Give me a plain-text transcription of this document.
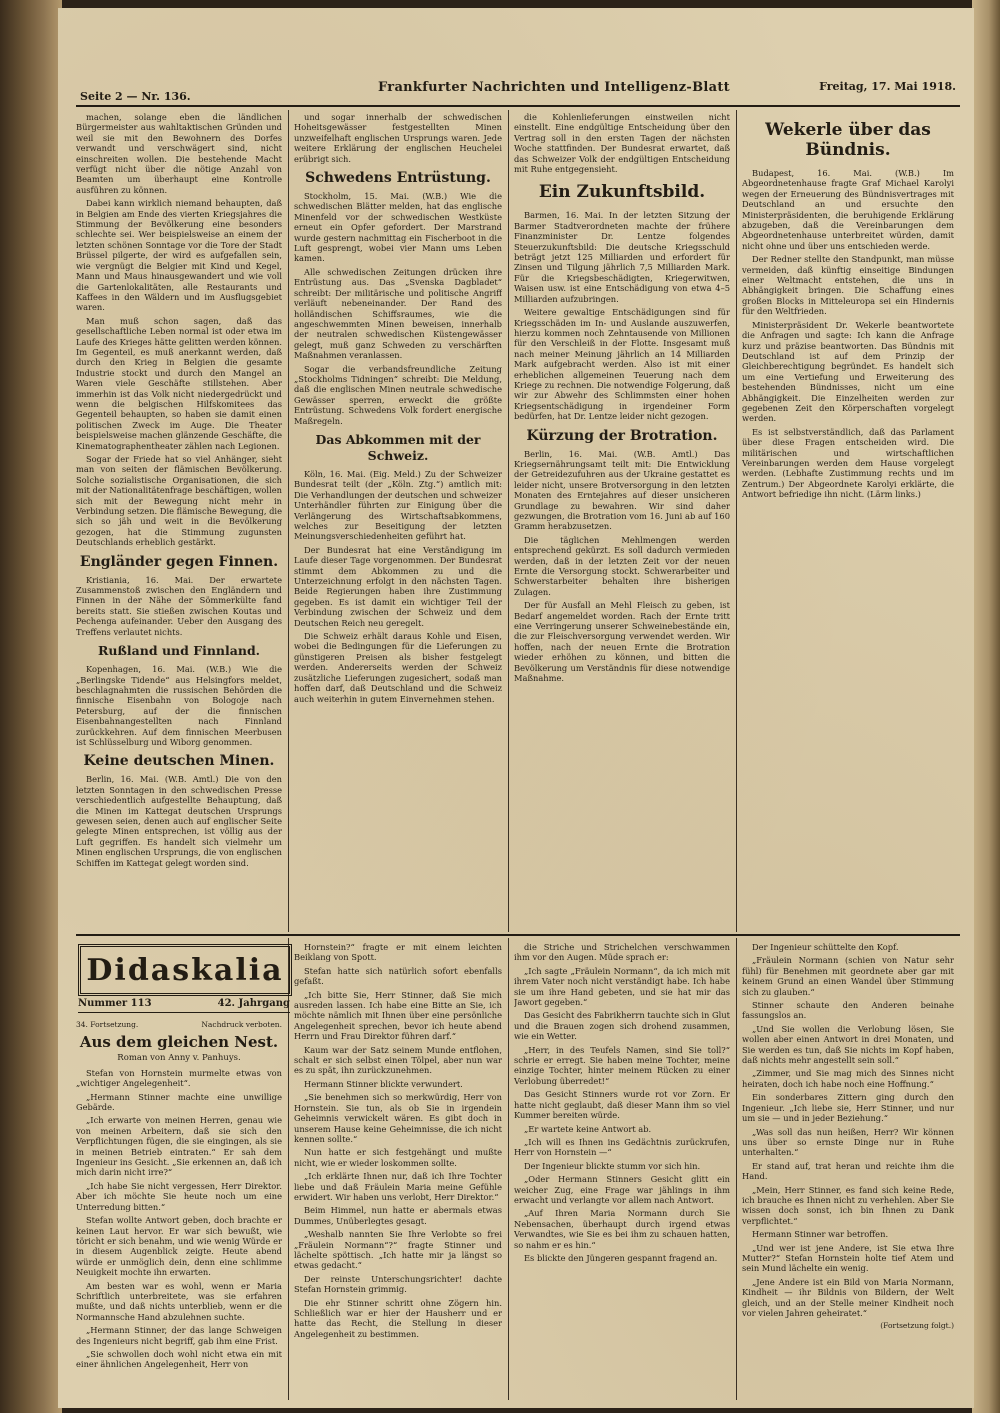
Seite 2 — Nr. 136.
Frankfurter Nachrichten und Intelligenz-Blatt	Freitag, 17. Mai 1918.

machen, solange eben die ländlichen Bürgermeister aus wahltaktischen Gründen und weil sie mit den Bewohnern des Dorfes verwandt und verschwägert sind, nicht einschreiten wollen. Die bestehende Macht verfügt nicht über die nötige Anzahl von Beamten um überhaupt eine Kontrolle ausführen zu können.

Dabei kann wirklich niemand behaupten, daß in Belgien am Ende des vierten Kriegsjahres die Stimmung der Bevölkerung eine besonders schlechte sei. Wer beispielsweise an einem der letzten schönen Sonntage vor die Tore der Stadt Brüssel pilgerte, der wird es aufgefallen sein, wie vergnügt die Belgier mit Kind und Kegel, Mann und Maus hinausgewandert und wie voll die Gartenlokalitäten, alle Restaurants und Kaffees in den Wäldern und im Ausflugsgebiet waren.

Man muß schon sagen, daß das gesellschaftliche Leben normal ist oder etwa im Laufe des Krieges hätte gelitten werden können. Im Gegenteil, es muß anerkannt werden, daß durch den Krieg in Belgien die gesamte Industrie stockt und durch den Mangel an Waren viele Geschäfte stillstehen. Aber immerhin ist das Volk nicht niedergedrückt und wenn die belgischen Hilfskomitees das Gegenteil behaupten, so haben sie damit einen politischen Zweck im Auge. Die Theater beispielsweise machen glänzende Geschäfte, die Kinematographentheater zählen nach Legionen.

Sogar der Friede hat so viel Anhänger, sieht man von seiten der flämischen Bevölkerung. Solche sozialistische Organisationen, die sich mit der Nationalitätenfrage beschäftigen, wollen sich mit der Bewegung nicht mehr in Verbindung setzen. Die flämische Bewegung, die sich so jäh und weit in die Bevölkerung gezogen, hat die Stimmung zugunsten Deutschlands erheblich gestärkt.

Engländer gegen Finnen.

Kristiania, 16. Mai. Der erwartete Zusammenstoß zwischen den Engländern und Finnen in der Nähe der Sömmerkülte fand bereits statt. Sie stießen zwischen Koutas und Pechenga aufeinander. Ueber den Ausgang des Treffens verlautet nichts.

Rußland und Finnland.

Kopenhagen, 16. Mai. (W.B.) Wie die „Berlingske Tidende“ aus Helsingfors meldet, beschlagnahmten die russischen Behörden die finnische Eisenbahn von Bologoje nach Petersburg, auf der die finnischen Eisenbahnangestellten nach Finnland zurückkehren. Auf dem finnischen Meerbusen ist Schlüsselburg und Wiborg genommen.

Keine deutschen Minen.

Berlin, 16. Mai. (W.B. Amtl.) Die von den letzten Sonntagen in den schwedischen Presse verschiedentlich aufgestellte Behauptung, daß die Minen im Kattegat deutschen Ursprungs gewesen seien, denen auch auf englischer Seite gelegte Minen entsprechen, ist völlig aus der Luft gegriffen. Es handelt sich vielmehr um Minen englischen Ursprungs, die von englischen Schiffen im Kattegat gelegt worden sind.

und sogar innerhalb der schwedischen Hoheitsgewässer festgestellten Minen unzweifelhaft englischen Ursprungs waren. Jede weitere Erklärung der englischen Heuchelei erübrigt sich.

Schwedens Entrüstung.

Stockholm, 15. Mai. (W.B.) Wie die schwedischen Blätter melden, hat das englische Minenfeld vor der schwedischen Westküste erneut ein Opfer gefordert. Der Marstrand wurde gestern nachmittag ein Fischerboot in die Luft gesprengt, wobei vier Mann ums Leben kamen.

Alle schwedischen Zeitungen drücken ihre Entrüstung aus. Das „Svenska Dagbladet“ schreibt: Der militärische und politische Angriff verläuft nebeneinander. Der Rand des holländischen Schiffsraumes, wie die angeschwemmten Minen beweisen, innerhalb der neutralen schwedischen Küstengewässer gelegt, muß ganz Schweden zu verschärften Maßnahmen veranlassen.

Sogar die verbandsfreundliche Zeitung „Stockholms Tidningen“ schreibt: Die Meldung, daß die englischen Minen neutrale schwedische Gewässer sperren, erweckt die größte Entrüstung. Schwedens Volk fordert energische Maßregeln.

Das Abkommen mit der Schweiz.

Köln, 16. Mai. (Eig. Meld.) Zu der Schweizer Bundesrat teilt (der „Köln. Ztg.“) amtlich mit: Die Verhandlungen der deutschen und schweizer Unterhändler führten zur Einigung über die Verlängerung des Wirtschaftsabkommens, welches zur Beseitigung der letzten Meinungsverschiedenheiten geführt hat.

Der Bundesrat hat eine Verständigung im Laufe dieser Tage vorgenommen. Der Bundesrat stimmt dem Abkommen zu und die Unterzeichnung erfolgt in den nächsten Tagen. Beide Regierungen haben ihre Zustimmung gegeben. Es ist damit ein wichtiger Teil der Verbindung zwischen der Schweiz und dem Deutschen Reich neu geregelt.

Die Schweiz erhält daraus Kohle und Eisen, wobei die Bedingungen für die Lieferungen zu günstigeren Preisen als bisher festgelegt werden. Andererseits werden der Schweiz zusätzliche Lieferungen zugesichert, sodaß man hoffen darf, daß Deutschland und die Schweiz auch weiterhin in gutem Einvernehmen stehen.

die Kohlenlieferungen einstweilen nicht einstellt. Eine endgültige Entscheidung über den Vertrag soll in den ersten Tagen der nächsten Woche stattfinden. Der Bundesrat erwartet, daß das Schweizer Volk der endgültigen Entscheidung mit Ruhe entgegensieht.

Ein Zukunftsbild.

Barmen, 16. Mai. In der letzten Sitzung der Barmer Stadtverordneten machte der frühere Finanzminister Dr. Lentze folgendes Steuerzukunftsbild: Die deutsche Kriegsschuld beträgt jetzt 125 Milliarden und erfordert für Zinsen und Tilgung jährlich 7,5 Milliarden Mark. Für die Kriegsbeschädigten, Kriegerwitwen, Waisen usw. ist eine Entschädigung von etwa 4–5 Milliarden aufzubringen.

Weitere gewaltige Entschädigungen sind für Kriegsschäden im In- und Auslande auszuwerfen, hierzu kommen noch Zehntausende von Millionen für den Verschleiß in der Flotte. Insgesamt muß nach meiner Meinung jährlich an 14 Milliarden Mark aufgebracht werden. Also ist mit einer erheblichen allgemeinen Teuerung nach dem Kriege zu rechnen. Die notwendige Folgerung, daß wir zur Abwehr des Schlimmsten einer hohen Kriegsentschädigung in irgendeiner Form bedürfen, hat Dr. Lentze leider nicht gezogen.

Kürzung der Brotration.

Berlin, 16. Mai. (W.B. Amtl.) Das Kriegsernährungsamt teilt mit: Die Entwicklung der Getreidezufuhren aus der Ukraine gestattet es leider nicht, unsere Brotversorgung in den letzten Monaten des Erntejahres auf dieser unsicheren Grundlage zu bewahren. Wir sind daher gezwungen, die Brotration vom 16. Juni ab auf 160 Gramm herabzusetzen.

Die täglichen Mehlmengen werden entsprechend gekürzt. Es soll dadurch vermieden werden, daß in der letzten Zeit vor der neuen Ernte die Versorgung stockt. Schwerarbeiter und Schwerstarbeiter behalten ihre bisherigen Zulagen.

Der für Ausfall an Mehl Fleisch zu geben, ist Bedarf angemeldet worden. Rach der Ernte tritt eine Verringerung unserer Schweinebestände ein, die zur Fleischversorgung verwendet werden. Wir hoffen, nach der neuen Ernte die Brotration wieder erhöhen zu können, und bitten die Bevölkerung um Verständnis für diese notwendige Maßnahme.

Wekerle über das Bündnis.

Budapest, 16. Mai. (W.B.) Im Abgeordnetenhause fragte Graf Michael Karolyi wegen der Erneuerung des Bündnisvertrages mit Deutschland an und ersuchte den Ministerpräsidenten, die beruhigende Erklärung abzugeben, daß die Vereinbarungen dem Abgeordnetenhause unterbreitet würden, damit nicht ohne und über uns entschieden werde.

Der Redner stellte den Standpunkt, man müsse vermeiden, daß künftig einseitige Bindungen einer Weltmacht entstehen, die uns in Abhängigkeit bringen. Die Schaffung eines großen Blocks in Mitteleuropa sei ein Hindernis für den Weltfrieden.

Ministerpräsident Dr. Wekerle beantwortete die Anfragen und sagte: Ich kann die Anfrage kurz und präzise beantworten. Das Bündnis mit Deutschland ist auf dem Prinzip der Gleichberechtigung begründet. Es handelt sich um eine Vertiefung und Erweiterung des bestehenden Bündnisses, nicht um eine Abhängigkeit. Die Einzelheiten werden zur gegebenen Zeit den Körperschaften vorgelegt werden.

Es ist selbstverständlich, daß das Parlament über diese Fragen entscheiden wird. Die militärischen und wirtschaftlichen Vereinbarungen werden dem Hause vorgelegt werden. (Lebhafte Zustimmung rechts und im Zentrum.) Der Abgeordnete Karolyi erklärte, die Antwort befriedige ihn nicht. (Lärm links.)

Didaskalia
Nummer 113	42. Jahrgang
34. Fortsetzung.	Nachdruck verboten.
Aus dem gleichen Nest.
Roman von Anny v. Panhuys.

Stefan von Hornstein murmelte etwas von „wichtiger Angelegenheit“.

„Hermann Stinner machte eine unwillige Gebärde.

„Ich erwarte von meinen Herren, genau wie von meinen Arbeitern, daß sie sich den Verpflichtungen fügen, die sie eingingen, als sie in meinen Betrieb eintraten.“ Er sah dem Ingenieur ins Gesicht. „Sie erkennen an, daß ich mich darin nicht irre?“

„Ich habe Sie nicht vergessen, Herr Direktor. Aber ich möchte Sie heute noch um eine Unterredung bitten.“

Stefan wollte Antwort geben, doch brachte er keinen Laut hervor. Er war sich bewußt, wie töricht er sich benahm, und wie wenig Würde er in diesem Augenblick zeigte. Heute abend würde er unmöglich dein, denn eine schlimme Neuigkeit mochte ihn erwarten.

Am besten war es wohl, wenn er Maria Schriftlich unterbreitete, was sie erfahren mußte, und daß nichts unterblieb, wenn er die Normannsche Hand abzulehnen suchte.

„Hermann Stinner, der das lange Schweigen des Ingenieurs nicht begriff, gab ihm eine Frist.

„Sie schwollen doch wohl nicht etwa ein mit einer ähnlichen Angelegenheit, Herr von

Hornstein?“ fragte er mit einem leichten Beiklang von Spott.

Stefan hatte sich natürlich sofort ebenfalls gefaßt.

„Ich bitte Sie, Herr Stinner, daß Sie mich ausreden lassen. Ich habe eine Bitte an Sie, ich möchte nämlich mit Ihnen über eine persönliche Angelegenheit sprechen, bevor ich heute abend Herrn und Frau Direktor führen darf.“

Kaum war der Satz seinem Munde entflohen, schalt er sich selbst einen Tölpel, aber nun war es zu spät, ihn zurückzunehmen.

Hermann Stinner blickte verwundert.

„Sie benehmen sich so merkwürdig, Herr von Hornstein. Sie tun, als ob Sie in irgendein Geheimnis verwickelt wären. Es gibt doch in unserem Hause keine Geheimnisse, die ich nicht kennen sollte.“

Nun hatte er sich festgehängt und mußte nicht, wie er wieder loskommen sollte.

„Ich erklärte Ihnen nur, daß ich Ihre Tochter liebe und daß Fräulein Maria meine Gefühle erwidert. Wir haben uns verlobt, Herr Direktor.“

Beim Himmel, nun hatte er abermals etwas Dummes, Unüberlegtes gesagt.

„Weshalb nannten Sie Ihre Verlobte so frei „Fräulein Normann“?“ fragte Stinner und lächelte spöttisch. „Ich hatte mir ja längst so etwas gedacht.“

Der reinste Unterschungsrichter! dachte Stefan Hornstein grimmig.

Die ehr Stinner schritt ohne Zögern hin. Schließlich war er hier der Hausherr und er hatte das Recht, die Stellung in dieser Angelegenheit zu bestimmen.

die Striche und Strichelchen verschwammen ihm vor den Augen. Müde sprach er:

„Ich sagte „Fräulein Normann“, da ich mich mit ihrem Vater noch nicht verständigt habe. Ich habe sie um ihre Hand gebeten, und sie hat mir das Jawort gegeben.“

Das Gesicht des Fabrikherrn tauchte sich in Glut und die Brauen zogen sich drohend zusammen, wie ein Wetter.

„Herr, in des Teufels Namen, sind Sie toll?“ schrie er erregt. Sie haben meine Tochter, meine einzige Tochter, hinter meinem Rücken zu einer Verlobung überredet!“

Das Gesicht Stinners wurde rot vor Zorn. Er hatte nicht geglaubt, daß dieser Mann ihm so viel Kummer bereiten würde.

„Er wartete keine Antwort ab.

„Ich will es Ihnen ins Gedächtnis zurückrufen, Herr von Hornstein —“

Der Ingenieur blickte stumm vor sich hin.

„Oder Hermann Stinners Gesicht glitt ein weicher Zug, eine Frage war jählings in ihm erwacht und verlangte vor allem nach Antwort.

„Auf Ihren Maria Normann durch Sie Nebensachen, überhaupt durch irgend etwas Verwandtes, wie Sie es bei ihm zu schauen hatten, so nahm er es hin.“

Es blickte den Jüngeren gespannt fragend an.

Der Ingenieur schüttelte den Kopf.

„Fräulein Normann (schien von Natur sehr fühl) für Benehmen mit geordnete aber gar mit keinem Grund an einen Wandel über Stimmung sich zu glauben.“

Stinner schaute den Anderen beinahe fassungslos an.

„Und Sie wollen die Verlobung lösen, Sie wollen aber einen Antwort in drei Monaten, und Sie werden es tun, daß Sie nichts im Kopf haben, daß nichts mehr angestellt sein soll.“

„Zimmer, und Sie mag mich des Sinnes nicht heiraten, doch ich habe noch eine Hoffnung.“

Ein sonderbares Zittern ging durch den Ingenieur. „Ich liebe sie, Herr Stinner, und nur um sie — und in jeder Beziehung.“

„Was soll das nun heißen, Herr? Wir können uns über so ernste Dinge nur in Ruhe unterhalten.“

Er stand auf, trat heran und reichte ihm die Hand.

„Mein, Herr Stinner, es fand sich keine Rede, ich brauche es Ihnen nicht zu verhehlen. Aber Sie wissen doch sonst, ich bin Ihnen zu Dank verpflichtet.“

Hermann Stinner war betroffen.

„Und wer ist jene Andere, ist Sie etwa Ihre Mutter?“ Stefan Hornstein holte tief Atem und sein Mund lächelte ein wenig.

„Jene Andere ist ein Bild von Maria Normann, Kindheit — ihr Bildnis von Bildern, der Welt gleich, und an der Stelle meiner Kindheit noch vor vielen Jahren geheiratet.“

(Fortsetzung folgt.)
